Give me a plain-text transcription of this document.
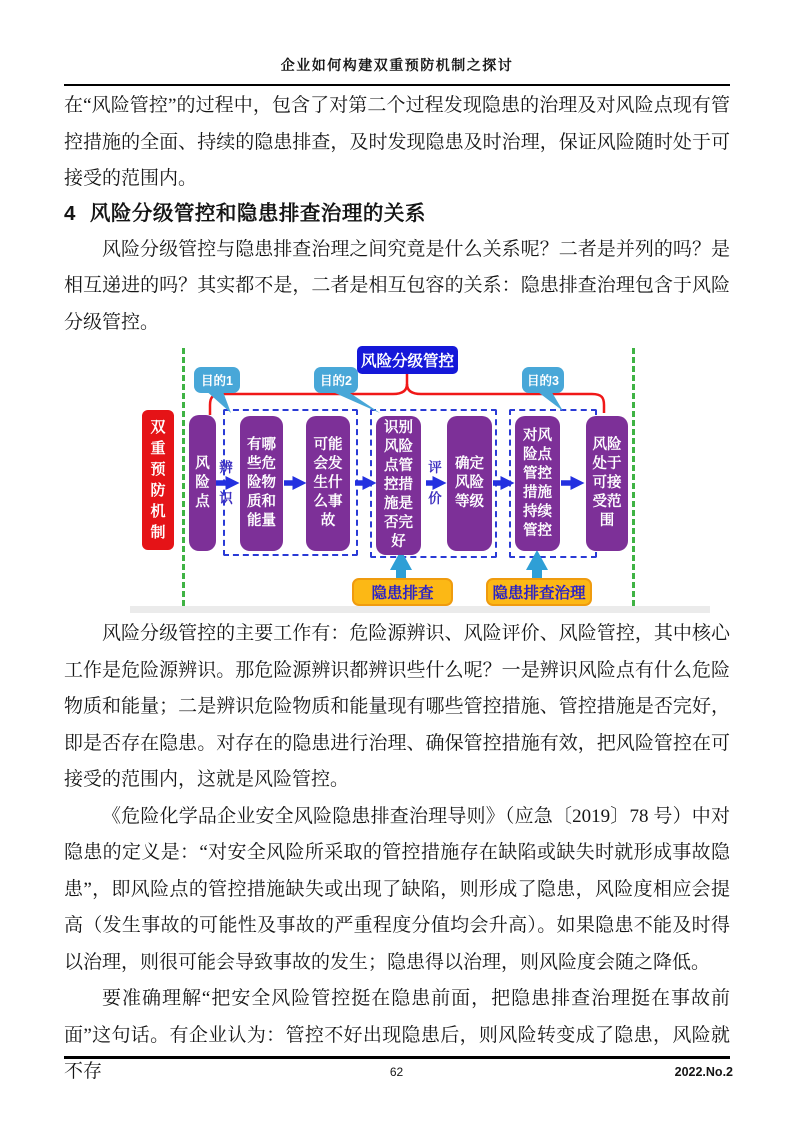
企业如何构建双重预防机制之探讨

在“风险管控”的过程中，包含了对第二个过程发现隐患的治理及对风险点现有管控措施的全面、持续的隐患排查，及时发现隐患及时治理，保证风险随时处于可接受的范围内。

4 风险分级管控和隐患排查治理的关系

风险分级管控与隐患排查治理之间究竟是什么关系呢？二者是并列的吗？是相互递进的吗？其实都不是，二者是相互包容的关系：隐患排查治理包含于风险分级管控。

风险分级管控
目的1	目的2	目的3
双重预防机制
风险点
有哪些危险物质和能量
可能会发生什么事故
识别风险点管控措施是否完好
确定风险等级
对风险点管控措施持续管控
风险处于可接受范围
辨识
评价
隐患排查	隐患排查治理

风险分级管控的主要工作有：危险源辨识、风险评价、风险管控，其中核心工作是危险源辨识。那危险源辨识都辨识些什么呢？一是辨识风险点有什么危险物质和能量；二是辨识危险物质和能量现有哪些管控措施、管控措施是否完好，即是否存在隐患。对存在的隐患进行治理、确保管控措施有效，把风险管控在可接受的范围内，这就是风险管控。

《危险化学品企业安全风险隐患排查治理导则》（应急〔2019〕78 号）中对隐患的定义是：“对安全风险所采取的管控措施存在缺陷或缺失时就形成事故隐患”，即风险点的管控措施缺失或出现了缺陷，则形成了隐患，风险度相应会提高（发生事故的可能性及事故的严重程度分值均会升高）。如果隐患不能及时得以治理，则很可能会导致事故的发生；隐患得以治理，则风险度会随之降低。

要准确理解“把安全风险管控挺在隐患前面，把隐患排查治理挺在事故前面”这句话。有企业认为：管控不好出现隐患后，则风险转变成了隐患，风险就不存	62	2022.No.2
